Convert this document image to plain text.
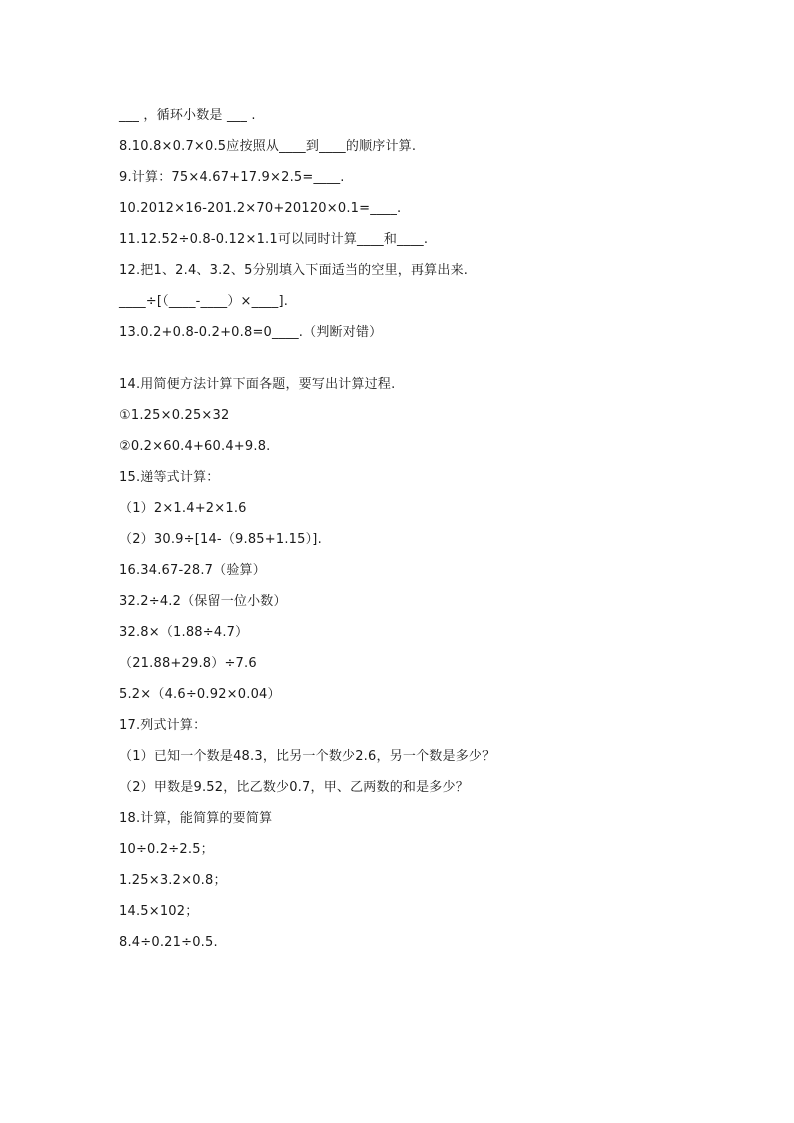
___ ，循环小数是 ___ .
8.10.8×0.7×0.5应按照从____到____的顺序计算.
9.计算：75×4.67+17.9×2.5=____.
10.2012×16-201.2×70+20120×0.1=____.
11.12.52÷0.8-0.12×1.1可以同时计算____和____.
12.把1、2.4、3.2、5分别填入下面适当的空里，再算出来.
____÷[（____-____）×____].
13.0.2+0.8-0.2+0.8=0____.（判断对错）
14.用简便方法计算下面各题，要写出计算过程.
①1.25×0.25×32
②0.2×60.4+60.4+9.8.
15.递等式计算：
（1）2×1.4+2×1.6
（2）30.9÷[14-（9.85+1.15）].
16.34.67-28.7（验算）
32.2÷4.2（保留一位小数）
32.8×（1.88÷4.7）
（21.88+29.8）÷7.6
5.2×（4.6÷0.92×0.04）
17.列式计算：
（1）已知一个数是48.3，比另一个数少2.6，另一个数是多少？
（2）甲数是9.52，比乙数少0.7，甲、乙两数的和是多少？
18.计算，能简算的要简算
10÷0.2÷2.5；
1.25×3.2×0.8；
14.5×102；
8.4÷0.21÷0.5.
